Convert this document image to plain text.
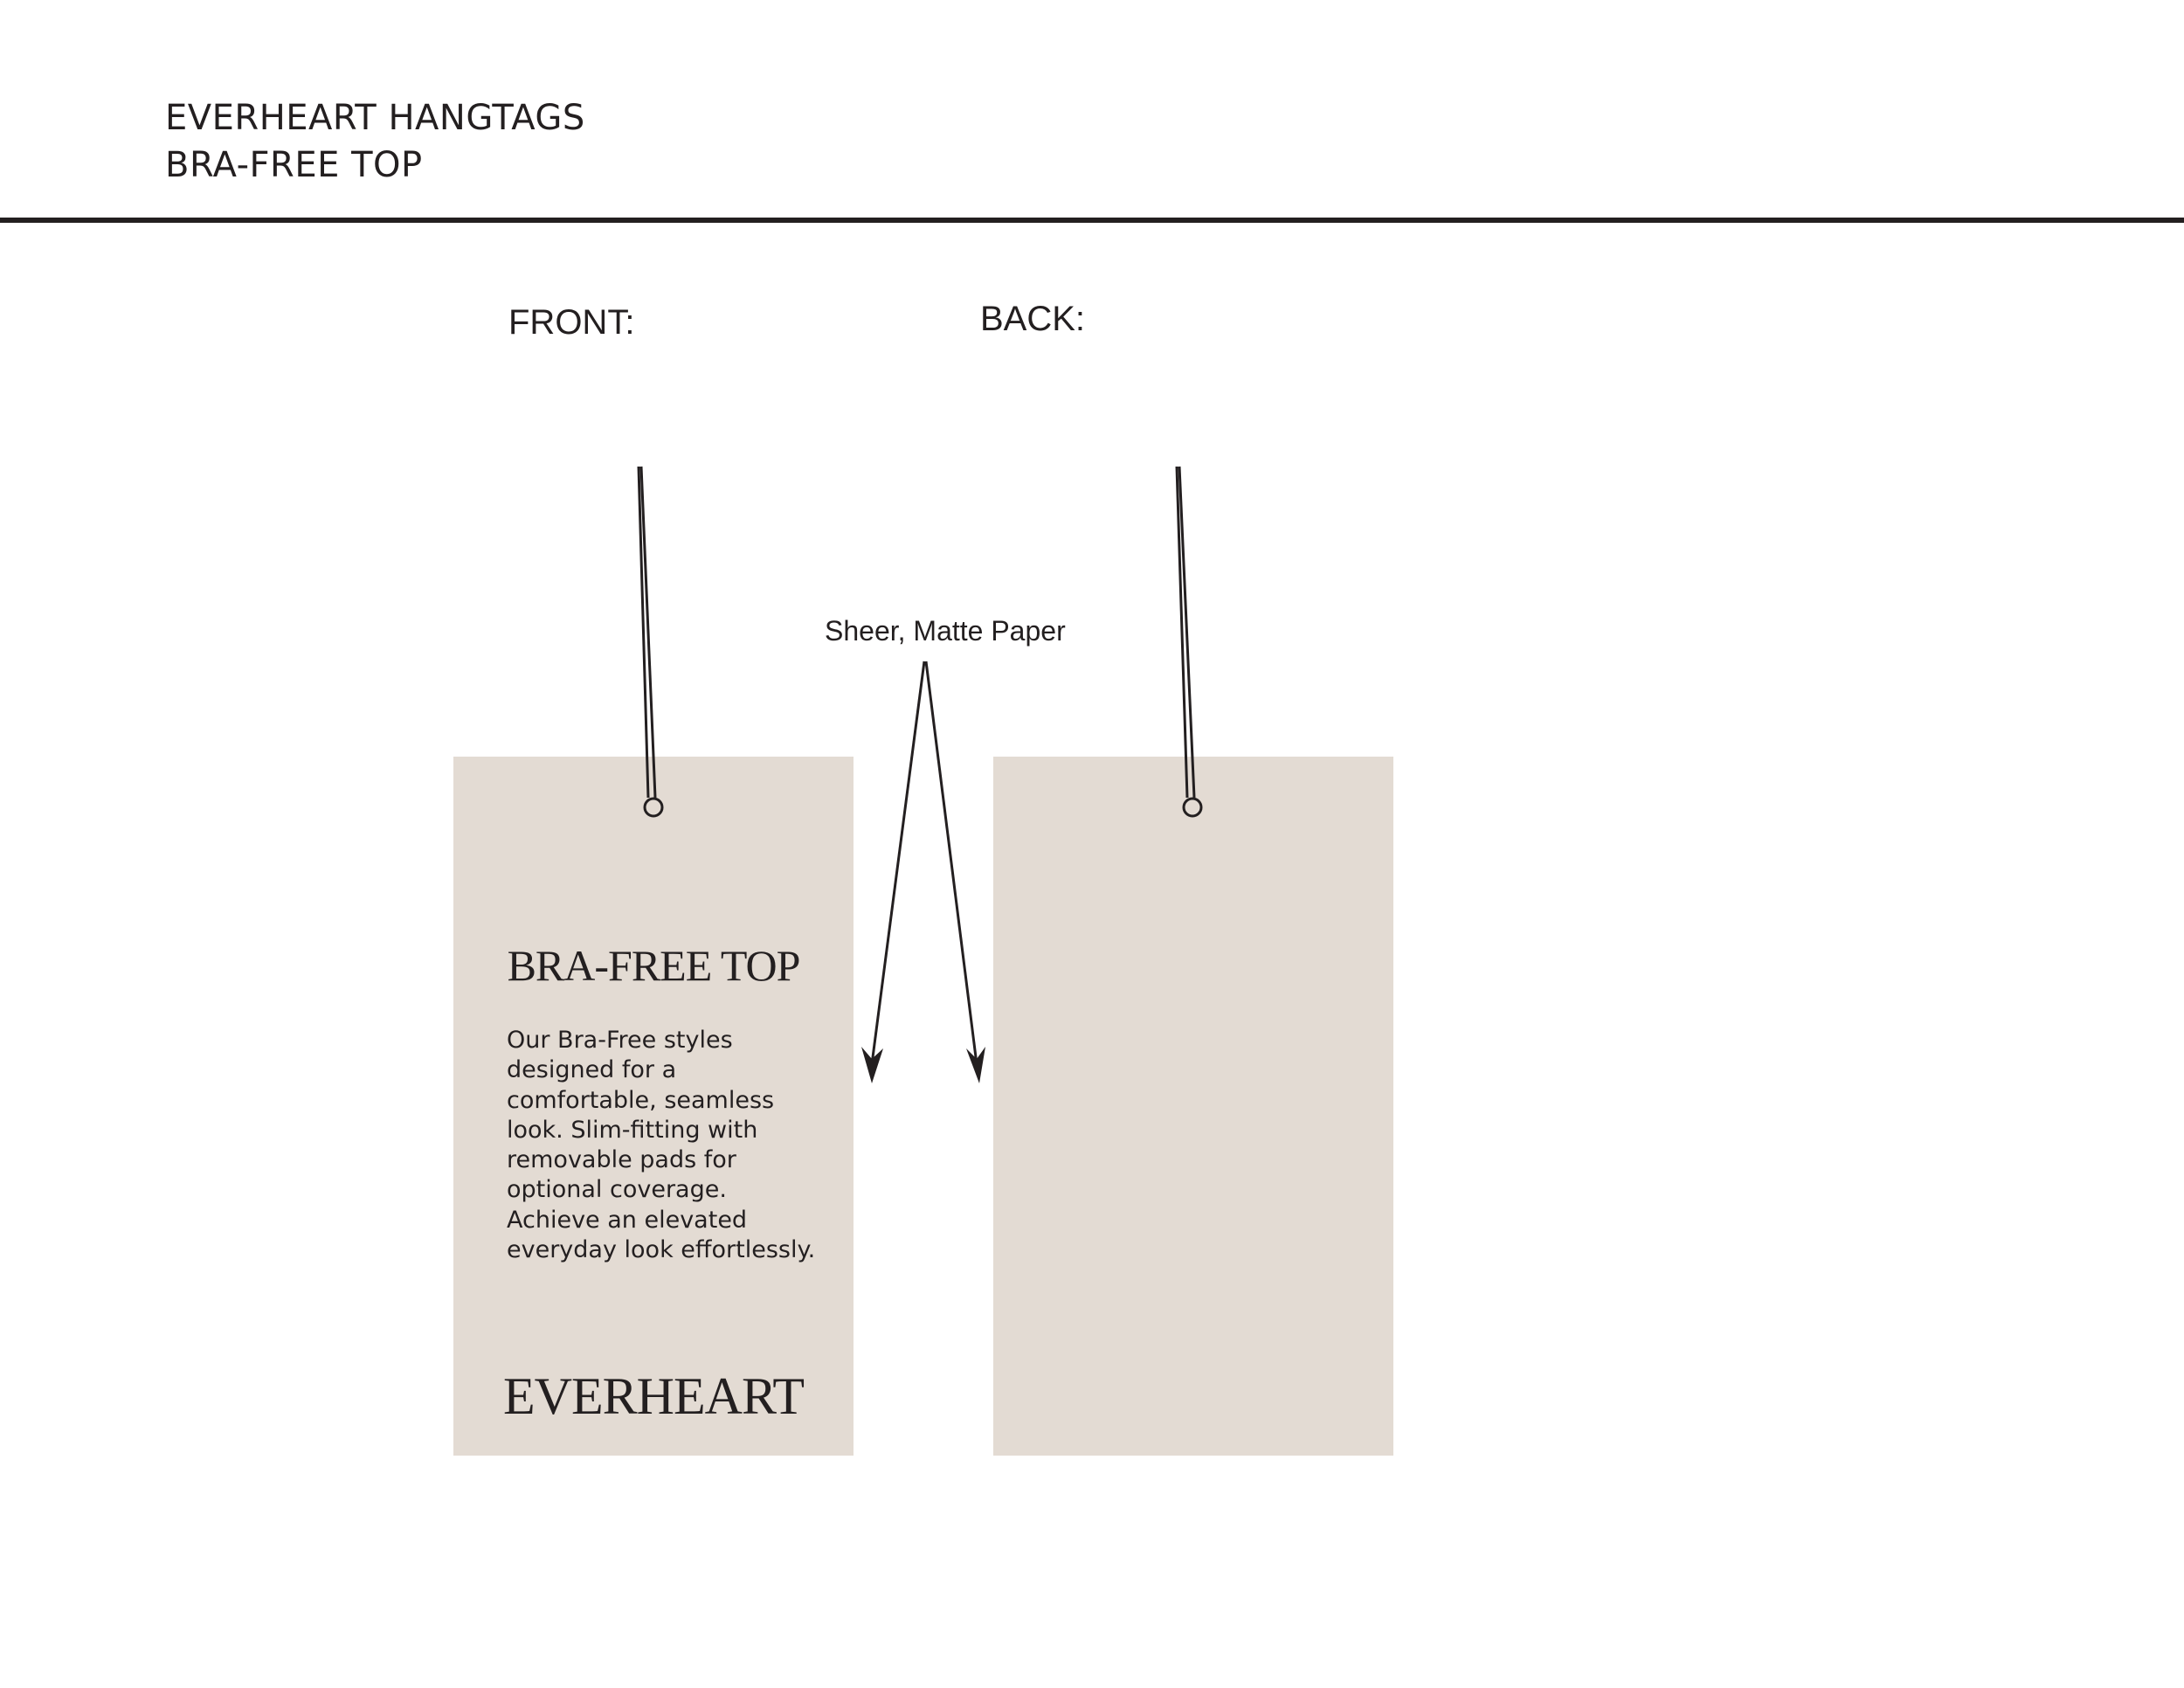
EVERHEART HANGTAGS
BRA-FREE TOP
FRONT:	BACK:
Sheer, Matte Paper
BRA-FREE TOP

Our Bra-Free styles
designed for a
comfortable, seamless
look. Slim-fitting with
removable pads for
optional coverage.
Achieve an elevated
everyday look effortlessly.

EVERHEART
